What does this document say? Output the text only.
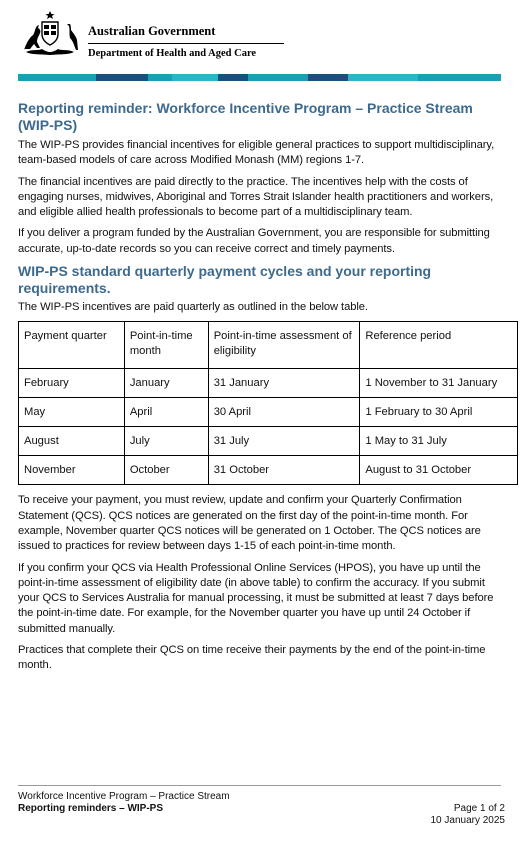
Australian Government
Department of Health and Aged Care
Reporting reminder: Workforce Incentive Program – Practice Stream (WIP-PS)

The WIP-PS provides financial incentives for eligible general practices to support multidisciplinary, team-based models of care across Modified Monash (MM) regions 1-7.

The financial incentives are paid directly to the practice. The incentives help with the costs of engaging nurses, midwives, Aboriginal and Torres Strait Islander health practitioners and workers, and eligible allied health professionals to become part of a multidisciplinary team.

If you deliver a program funded by the Australian Government, you are responsible for submitting accurate, up-to-date records so you can receive correct and timely payments.

WIP-PS standard quarterly payment cycles and your reporting requirements.

The WIP-PS incentives are paid quarterly as outlined in the below table.

Payment quarter	Point-in-time month	Point-in-time assessment of eligibility	Reference period
February	January	31 January	1 November to 31 January
May	April	30 April	1 February to 30 April
August	July	31 July	1 May to 31 July
November	October	31 October	August to 31 October

To receive your payment, you must review, update and confirm your Quarterly Confirmation Statement (QCS). QCS notices are generated on the first day of the point-in-time month. For example, November quarter QCS notices will be generated on 1 October. The QCS notices are issued to practices for review between days 1-15 of each point-in-time month.

If you confirm your QCS via Health Professional Online Services (HPOS), you have up until the point-in-time assessment of eligibility date (in above table) to confirm the accuracy. If you submit your QCS to Services Australia for manual processing, it must be submitted at least 7 days before the point-in-time date. For example, for the November quarter you have up until 24 October if submitted manually.

Practices that complete their QCS on time receive their payments by the end of the point-in-time month.

Workforce Incentive Program – Practice Stream
Reporting reminders – WIP-PS	Page 1 of 2
10 January 2025
